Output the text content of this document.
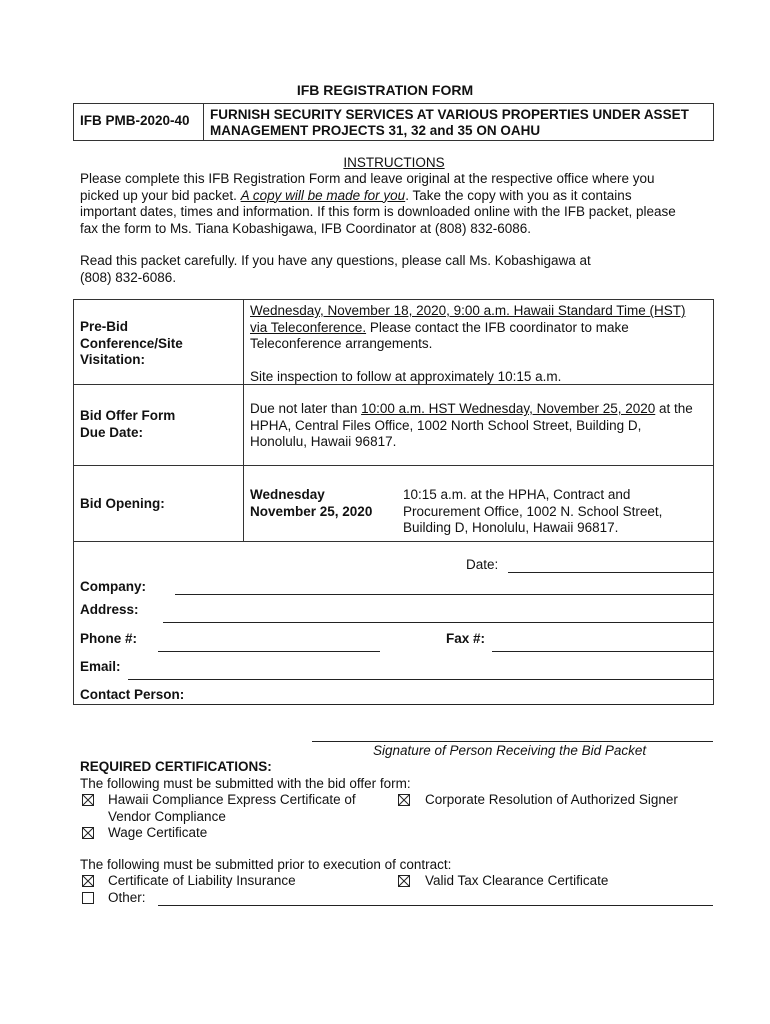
IFB REGISTRATION FORM
IFB PMB-2020-40 FURNISH SECURITY SERVICES AT VARIOUS PROPERTIES UNDER ASSET
MANAGEMENT PROJECTS 31, 32 and 35 ON OAHU
INSTRUCTIONS

Please complete this IFB Registration Form and leave original at the respective office where you

picked up your bid packet. A copy will be made for you. Take the copy with you as it contains

important dates, times and information. If this form is downloaded online with the IFB packet, please

fax the form to Ms. Tiana Kobashigawa, IFB Coordinator at (808) 832-6086.

Read this packet carefully. If you have any questions, please call Ms. Kobashigawa at

(808) 832-6086.

Pre-Bid
Conference/Site
Visitation:
Wednesday, November 18, 2020, 9:00 a.m. Hawaii Standard Time (HST)
via Teleconference. Please contact the IFB coordinator to make
Teleconference arrangements.
Site inspection to follow at approximately 10:15 a.m.
Bid Offer Form
Due Date:
Due not later than 10:00 a.m. HST Wednesday, November 25, 2020 at the
HPHA, Central Files Office, 1002 North School Street, Building D,
Honolulu, Hawaii 96817.
Bid Opening:
Wednesday
November 25, 2020
10:15 a.m. at the HPHA, Contract and
Procurement Office, 1002 N. School Street,
Building D, Honolulu, Hawaii 96817.
Date:
Company:
Address:
Phone #:	Fax #:
Email:
Contact Person:
Signature of Person Receiving the Bid Packet
REQUIRED CERTIFICATIONS:
The following must be submitted with the bid offer form:
Hawaii Compliance Express Certificate of
Vendor Compliance
Corporate Resolution of Authorized Signer
Wage Certificate
The following must be submitted prior to execution of contract:
Certificate of Liability Insurance	Valid Tax Clearance Certificate
Other:
